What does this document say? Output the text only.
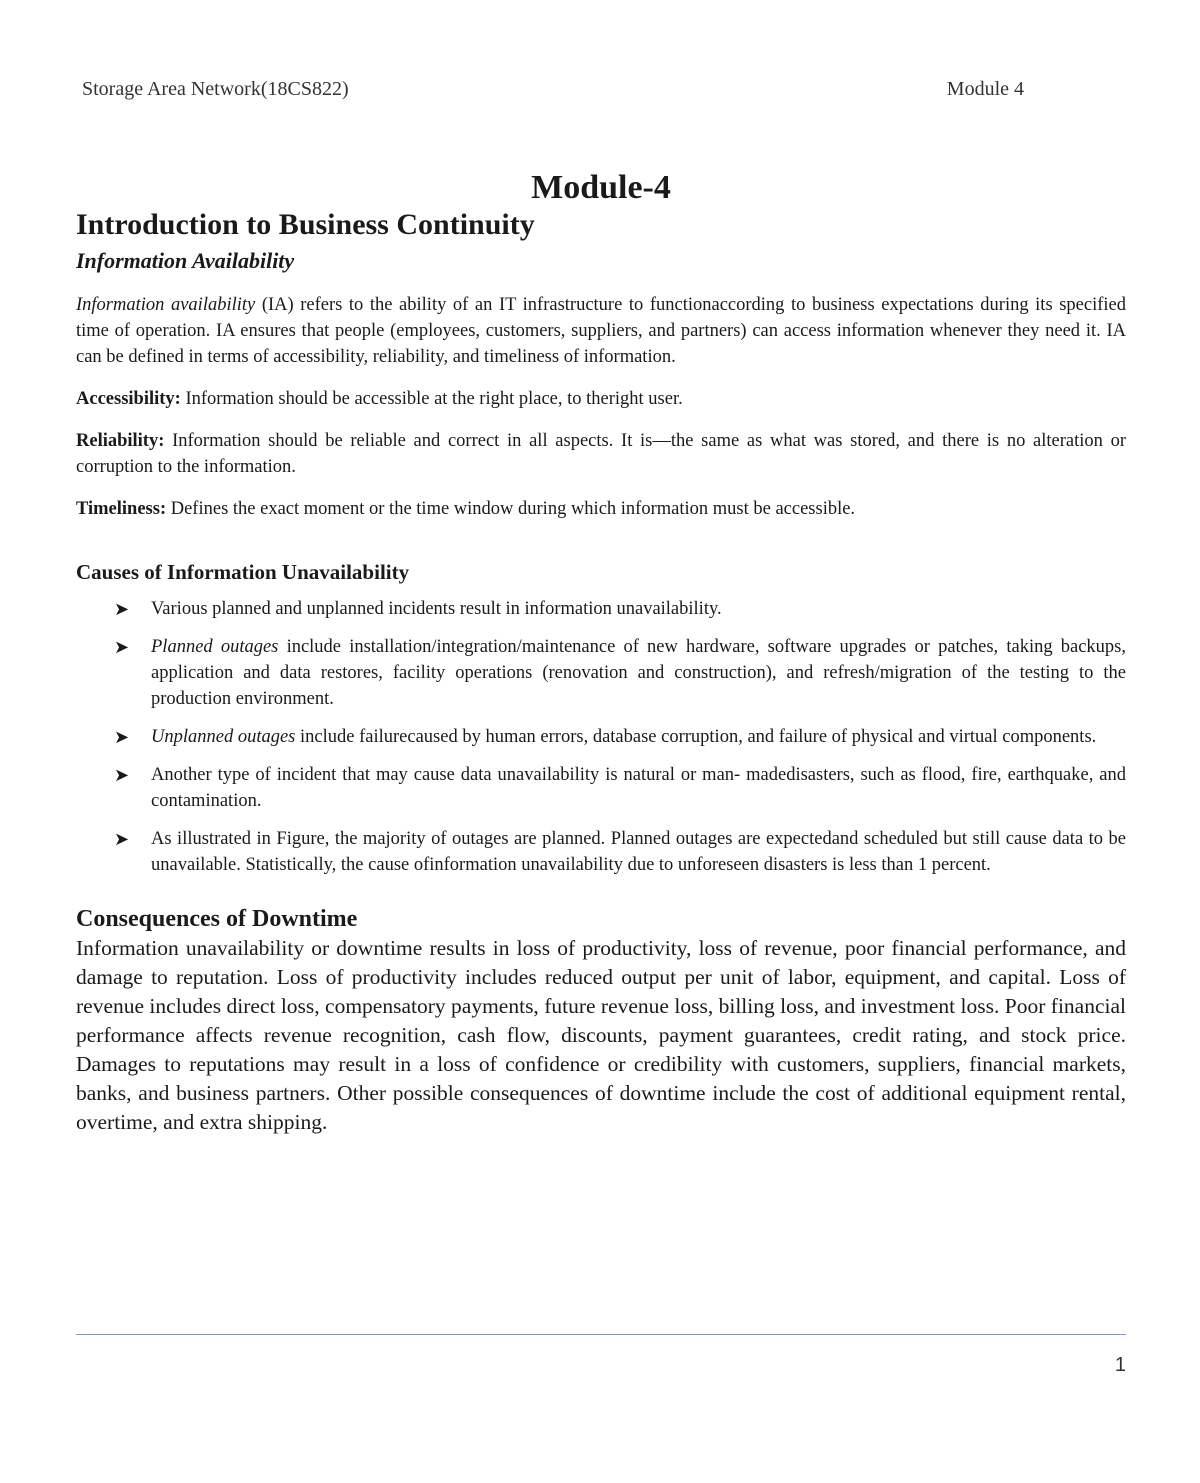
Storage Area Network(18CS822)	Module 4
Module-4
Introduction to Business Continuity
Information Availability

Information availability (IA) refers to the ability of an IT infrastructure to functionaccording to business expectations during its specified time of operation. IA ensures that people (employees, customers, suppliers, and partners) can access information whenever they need it. IA can be defined in terms of accessibility, reliability, and timeliness of information.

Accessibility: Information should be accessible at the right place, to theright user.

Reliability: Information should be reliable and correct in all aspects. It is—the same as what was stored, and there is no alteration or corruption to the information.

Timeliness: Defines the exact moment or the time window during which information must be accessible.

Causes of Information Unavailability
➤ Various planned and unplanned incidents result in information unavailability.
➤ Planned outages include installation/integration/maintenance of new hardware, software upgrades or patches, taking backups, application and data restores, facility operations (renovation and construction), and refresh/migration of the testing to the production environment.
➤ Unplanned outages include failurecaused by human errors, database corruption, and failure of physical and virtual components.
➤ Another type of incident that may cause data unavailability is natural or man- madedisasters, such as flood, fire, earthquake, and contamination.
➤ As illustrated in Figure, the majority of outages are planned. Planned outages are expectedand scheduled but still cause data to be unavailable. Statistically, the cause ofinformation unavailability due to unforeseen disasters is less than 1 percent.
Consequences of Downtime

Information unavailability or downtime results in loss of productivity, loss of revenue, poor financial performance, and damage to reputation. Loss of productivity includes reduced output per unit of labor, equipment, and capital. Loss of revenue includes direct loss, compensatory payments, future revenue loss, billing loss, and investment loss. Poor financial performance affects revenue recognition, cash flow, discounts, payment guarantees, credit rating, and stock price. Damages to reputations may result in a loss of confidence or credibility with customers, suppliers, financial markets, banks, and business partners. Other possible consequences of downtime include the cost of additional equipment rental, overtime, and extra shipping.

1
